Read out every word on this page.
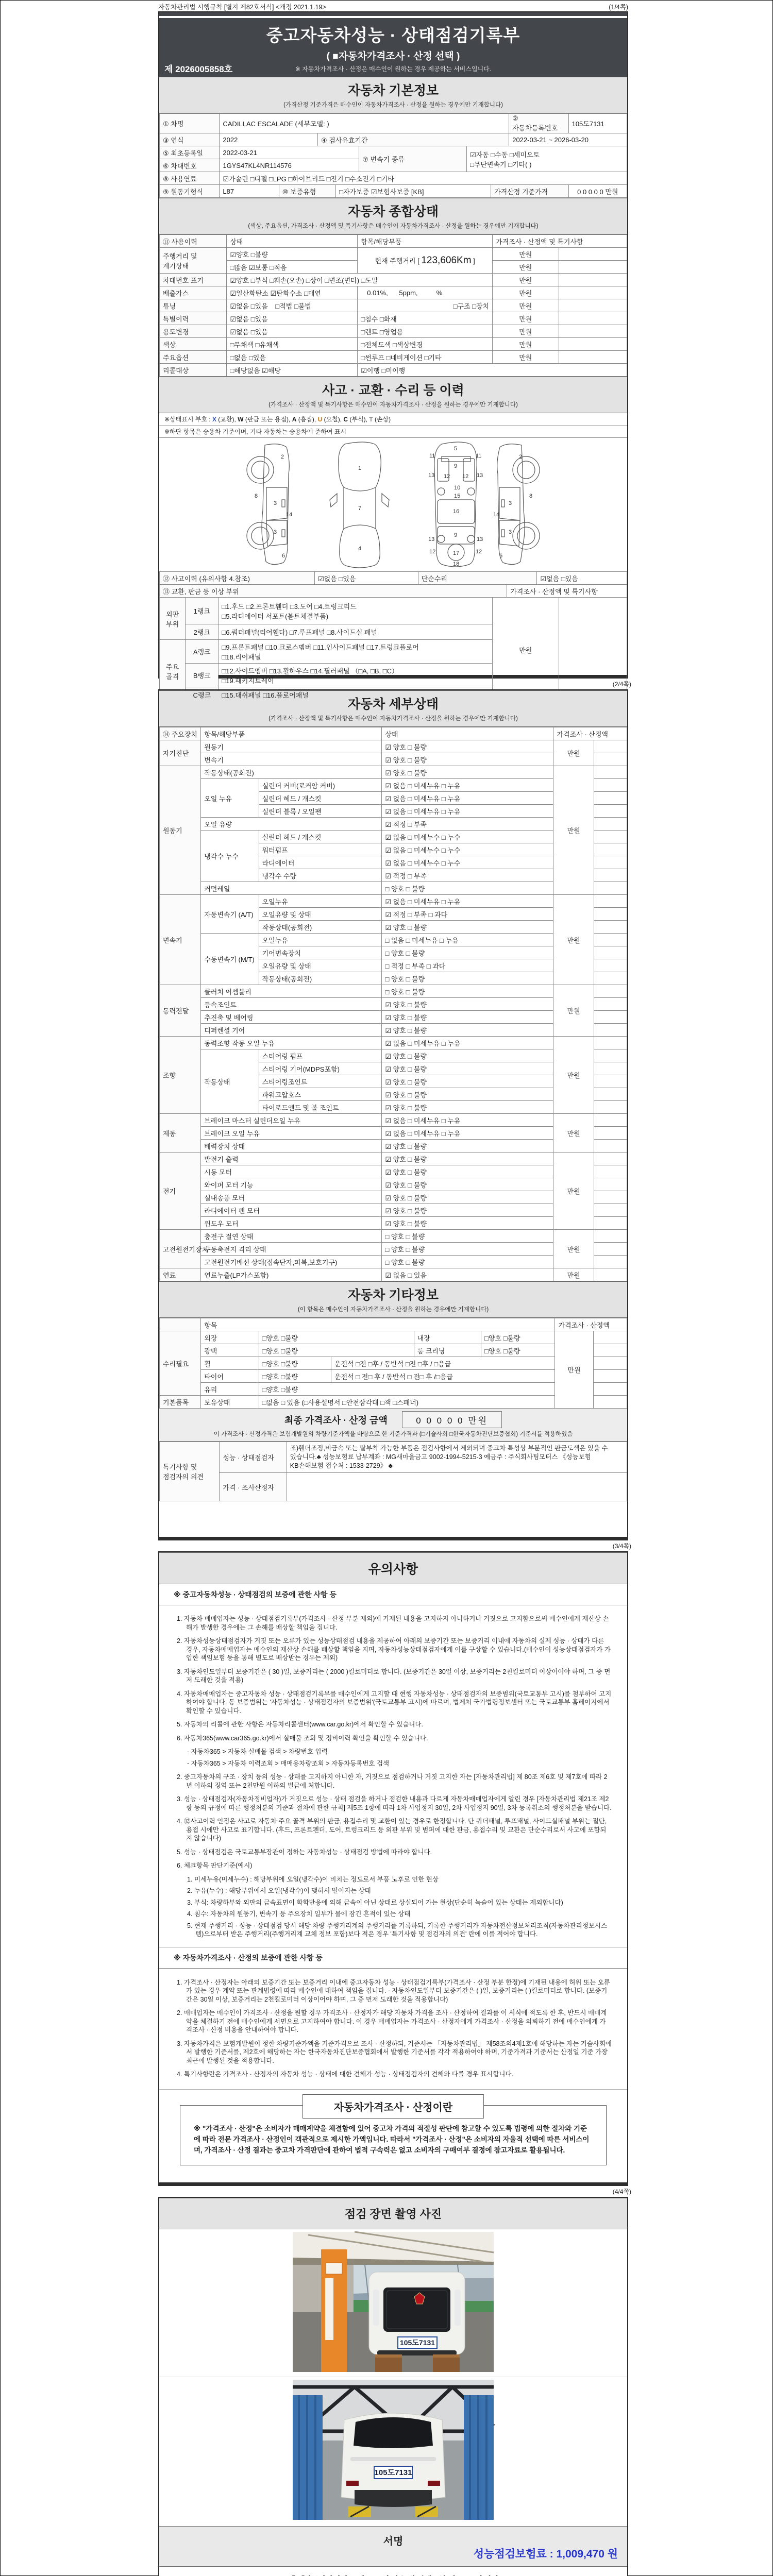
자동차관리법 시행규칙 [별지 제82호서식] <개정 2021.1.19>	(1/4쪽)
중고자동차성능 · 상태점검기록부
( ■자동차가격조사 · 산정 선택 )
※ 자동차가격조사 · 산정은 매수인이 원하는 경우 제공하는 서비스입니다.
제 2026005858호
자동차 기본정보
(가격산정 기준가격은 매수인이 자동차가격조사 · 산정을 원하는 경우에만 기재합니다)
① 차명	CADILLAC ESCALADE (세부모델: )		② 자동차등록번호	105도7131
③ 연식	2022	④ 검사유효기간	2022-03-21 ~ 2026-03-20	
⑤ 최초등록일	2022-03-21	⑦ 변속기 종류	☑자동 □수동 □세미오토
□무단변속기 □기타( )

⑥ 차대번호	1GYS47KL4NR114576		
⑧ 사용연료	☑가솔린 □디젤 □LPG □하이브리드 □전기 □수소전기 □기타				
⑨ 원동기형식	L87	⑩ 보증유형	□자가보증 ☑보험사보증 [KB]	가격산정 기준가격	0 0 0 0 0 만원
자동차 종합상태
(색상, 주요옵션, 가격조사 · 산정액 및 특기사항은 매수인이 자동차가격조사 · 산정을 원하는 경우에만 기재합니다)
⑪ 사용이력	상태	항목/해당부품	가격조사 · 산정액 및 특기사항	
주행거리 및 계기상태	☑양호 □불량	현재 주행거리 [ 123,606Km ]	만원	
	□많음 ☑보통 □적음		만원	
차대번호 표기	☑양호 □부식 □훼손(오손) □상이 □변조(변타) □도말		만원	
배출가스	☑일산화탄소 ☑탄화수소 □매연	0.01%, 5ppm, %	만원	
튜닝	☑없음 □있음 □적법 □불법	□구조 □장치	만원	
특별이력	☑없음 □있음	□침수 □화재	만원	
용도변경	☑없음 □있음	□렌트 □영업용	만원	
색상	□무채색 □유채색	□전체도색 □색상변경	만원	
주요옵션	□없음 □있음	□썬루프 □네비게이션 □기타	만원	
리콜대상	□해당없음 ☑해당	☑이행 □미이행		
사고 · 교환 · 수리 등 이력
(가격조사 · 산정액 및 특기사항은 매수인이 자동차가격조사 · 산정을 원하는 경우에만 기재합니다)
※상태표시 부호 : X (교환), W (판금 또는 용접), A (흠집), U (요철), C (부식), T (손상)
※하단 항목은 승용차 기준이며, 기타 자동차는 승용차에 준하여 표시
2
8
3
14
3
6
1
7
4
5
9
11	11
13	13
12 12
10
15
16
13	13
9
12	12
17
18
2
8
3
14
3
6
⑫ 사고이력 (유의사항 4.참조)	☑없음 □있음	단순수리	☑없음 □있음
⑬ 교환, 판금 등 이상 부위	가격조사 · 산정액 및 특기사항
외판부위	1랭크	□1.후드 □2.프론트휀더 □3.도어 □4.트렁크리드
□5.라디에이터 서포트(볼트체결부품)	만원	
	2랭크	□6.쿼더패널(리어휀다) □7.루프패널 □8.사이드실 패널		
주요골격	A랭크	□9.프론트패널 □10.크로스멤버 □11.인사이드패널 □17.트렁크플로어
□18.리어패널		

	B랭크	□12.사이드멤버 □13.휠하우스 □14.필러패널 （□A, □B, □C）
□19.패키지트레이		

	C랭크	□15.대쉬패널 □16.플로어패널		
(2/4쪽)
자동차 세부상태
(가격조사 · 산정액 및 특기사항은 매수인이 자동차가격조사 · 산정을 원하는 경우에만 기재합니다)
⑭ 주요장치	항목/해당부품		상태	가격조사 · 산정액	
자기진단	원동기		☑ 양호 □ 불량	만원	
	변속기		☑ 양호 □ 불량		
원동기	작동상태(공회전)		☑ 양호 □ 불량	만원	
	오일 누유	실린더 커버(로커암 커버)	☑ 없음 □ 미세누유 □ 누유		
		실린더 헤드 / 개스킷	☑ 없음 □ 미세누유 □ 누유		
		실린더 블록 / 오일팬	☑ 없음 □ 미세누유 □ 누유		
	오일 유량		☑ 적정 □ 부족		
	냉각수 누수	실린더 헤드 / 개스킷	☑ 없음 □ 미세누수 □ 누수		
		워터펌프	☑ 없음 □ 미세누수 □ 누수		
		라디에이터	☑ 없음 □ 미세누수 □ 누수		
		냉각수 수량	☑ 적정 □ 부족		
	커먼레일		□ 양호 □ 불량		
변속기	자동변속기 (A/T)	오일누유	☑ 없음 □ 미세누유 □ 누유	만원	
		오일유량 및 상태	☑ 적정 □ 부족 □ 과다		
		작동상태(공회전)	☑ 양호 □ 불량		
	수동변속기 (M/T)	오일누유	□ 없음 □ 미세누유 □ 누유		
		기어변속장치	□ 양호 □ 불량		
		오일유량 및 상태	□ 적정 □ 부족 □ 과다		
		작동상태(공회전)	□ 양호 □ 불량		
동력전달	클러치 어셈블리		□ 양호 □ 불량	만원	
	등속조인트		☑ 양호 □ 불량		
	추진축 및 베어링		☑ 양호 □ 불량		
	디퍼렌셜 기어		☑ 양호 □ 불량		
조향	동력조향 작동 오일 누유		☑ 없음 □ 미세누유 □ 누유	만원	
	작동상태	스티어링 펌프	☑ 양호 □ 불량		
		스티어링 기어(MDPS포함)	☑ 양호 □ 불량		
		스티어링조인트	☑ 양호 □ 불량		
		파워고압호스	☑ 양호 □ 불량		
		타이로드엔드 및 볼 조인트	☑ 양호 □ 불량		
제동	브레이크 마스터 실린더오일 누유		☑ 없음 □ 미세누유 □ 누유	만원	
	브레이크 오일 누유		☑ 없음 □ 미세누유 □ 누유		
	배력장치 상태		☑ 양호 □ 불량		
전기	발전기 출력		☑ 양호 □ 불량	만원	
	시동 모터		☑ 양호 □ 불량		
	와이퍼 모터 기능		☑ 양호 □ 불량		
	실내송풍 모터		☑ 양호 □ 불량		
	라디에이터 팬 모터		☑ 양호 □ 불량		
	윈도우 모터		☑ 양호 □ 불량		
고전원전기장치	충전구 절연 상태		□ 양호 □ 불량	만원	
	구동축전지 격리 상태		□ 양호 □ 불량		
	고전원전기배선 상태(접속단자,피복,보호기구)		□ 양호 □ 불량		
연료	연료누출(LP가스포함)		☑ 없음 □ 있음	만원	
자동차 기타정보
(이 항목은 매수인이 자동차가격조사 · 산정을 원하는 경우에만 기재합니다)
	항목					가격조사 · 산정액	
수리필요	외장	□양호 □불량		내장	□양호 □불량	만원	
	광택	□양호 □불량		룸 크리닝	□양호 □불량		
	휠	□양호 □불량	운전석 □전 □후 / 동반석 □전 □후 / □응급				
	타이어	□양호 □불량	운전석 □ 전□ 후 / 동반석 □ 전□ 후 /□응급				
	유리	□양호 □불량					
기본품목	보유상태	□없음 □ 있음 (□사용설명서 □안전삼각대 □잭 □스패너)					
최종 가격조사 · 산정 금액	0 0 0 0 0 만원
이 가격조사 · 산정가격은 보험개발원의 차량기준가액을 바탕으로 한 기준가격과 (□기술사회 □한국자동차진단보증협회) 기준서를 적용하였음
특기사항 및 점검자의 의견	성능 · 상태점검자	조)휀더조정,비금속 또는 탈부착 가능한 부품은 점검사항에서 제외되며 중고차 특성상 부분적인 판금도색은 있을 수 있습니다.♣ 성능보험료 납부계좌 : MG새마을금고 9002-1994-5215-3 예금주 : 주식회사팀모터스 《성능보험 KB손해보험 접수처 : 1533-2729》 ♣
	가격 · 조사산정자	
(3/4쪽)
유의사항
※ 중고자동차성능 · 상태점검의 보증에 관한 사항 등
1. 자동차 매매업자는 성능 · 상태점검기록부(가격조사 · 산정 부분 제외)에 기재된 내용을 고지하지 아니하거나 거짓으로 고지함으로써 매수인에게 재산상 손해가 발생한 경우에는 그 손해를 배상할 책임을 집니다.
2. 자동차성능상태점검자가 거짓 또는 오류가 있는 성능상태점검 내용을 제공하여 아래의 보증기간 또는 보증거리 이내에 자동차의 실제 성능 · 상태가 다른 경우, 자동차매매업자는 매수인의 재산상 손해를 배상할 책임을 지며, 자동차성능상태점검자에게 이를 구상할 수 있습니다.(매수인이 성능상태점검자가 가입한 책임보험 등을 통해 별도로 배상받는 경우는 제외)
3. 자동차인도일부터 보증기간은 ( 30 )일, 보증거리는 ( 2000 )킬로미터로 합니다. (보증기간은 30일 이상, 보증거리는 2천킬로미터 이상이어야 하며, 그 중 먼저 도래한 것을 적용)
4. 자동차매매업자는 중고자동차 성능 · 상태점검기록부를 매수인에게 고지할 때 현행 자동차성능 · 상태점검자의 보증범위(국토교통부 고시)를 첨부하여 고지하여야 합니다. 동 보증범위는 '자동차성능 · 상태점검자의 보증범위'(국토교통부 고시)에 따르며, 법제처 국가법령정보센터 또는 국토교통부 홈페이지에서 확인할 수 있습니다.
5. 자동차의 리콜에 관한 사항은 자동차리콜센터(www.car.go.kr)에서 확인할 수 있습니다.
6. 자동차365(www.car365.go.kr)에서 실매물 조회 및 정비이력 확인을 확인할 수 있습니다.
- 자동차365 > 자동차 실매물 검색 > 차량번호 입력
- 자동차365 > 자동차 이력조회 > 매매용차량조회 > 자동차등록번호 검색
2. 중고자동차의 구조 · 장치 등의 성능 · 상태를 고지하지 아니한 자, 거짓으로 점검하거나 거짓 고지한 자는 [자동차관리법] 제 80조 제6호 및 제7호에 따라 2년 이하의 징역 또는 2천만원 이하의 벌금에 처합니다.
3. 성능 · 상태점검자(자동차정비업자)가 거짓으로 성능 · 상태 점검을 하거나 점검한 내용과 다르게 자동차매매업자에게 알린 경우 [자동차관리법 제21조 제2항 등의 규정에 따른 행정처분의 기준과 절차에 관한 규칙] 제5조 1항에 따라 1차 사업정지 30일, 2차 사업정지 90일, 3차 등록취소의 행정처분을 받습니다.
4. ⑫사고이력 인정은 사고로 자동차 주요 골격 부위의 판금, 용접수리 및 교환이 있는 경우로 한정합니다. 단 쿼더패널, 루프패널, 사이드실패널 부위는 절단, 용접 시에만 사고로 표기합니다. (후드, 프론트펜더, 도어, 트렁크리드 등 외판 부위 및 범퍼에 대한 판금, 용접수리 및 교환은 단순수리로서 사고에 포함되지 않습니다)
5. 성능 · 상태점검은 국토교통부장관이 정하는 자동차성능 · 상태점검 방법에 따라야 합니다.
6. 체크항목 판단기준(예시)
1. 미세누유(미세누수) : 해당부위에 오일(냉각수)이 비치는 정도로서 부품 노후로 인한 현상
2. 누유(누수) : 해당부위에서 오일(냉각수)이 맺혀서 떨어지는 상태
3. 부식: 차량하부와 외판의 금속표면이 화학반응에 의해 금속이 아닌 상태로 상실되어 가는 현상(단순히 녹슬어 있는 상태는 제외합니다)
4. 침수: 자동차의 원동기, 변속기 등 주요장치 일부가 물에 잠긴 흔적이 있는 상태
5. 현재 주행거리 · 성능 · 상태점검 당시 해당 차량 주행거리계의 주행거리를 기록하되, 기록한 주행거리가 자동차전산정보처리조직(자동차관리정보시스템)으로부터 받은 주행거리(주행거리계 교체 정보 포함)보다 적은 경우 '특기사항 및 점검자의 의견' 란에 이를 적어야 합니다.
※ 자동차가격조사 · 산정의 보증에 관한 사항 등
1. 가격조사 · 산정자는 아래의 보증기간 또는 보증거리 이내에 중고자동차 성능 · 상태점검기록부(가격조사 · 산정 부분 한정)에 기재된 내용에 허위 또는 오류가 있는 경우 계약 또는 관계법령에 따라 매수인에 대하여 책임을 집니다. · 자동차인도일부터 보증기간은 ( )일, 보증거리는 ( )킬로미터로 합니다. (보증기간은 30일 이상, 보증거리는 2천킬로미터 이상이어야 하며, 그 중 먼저 도래한 것을 적용합니다)
2. 매매업자는 매수인이 가격조사 · 산정을 원할 경우 가격조사 · 산정자가 해당 자동차 가격을 조사 · 산정하여 결과를 이 서식에 적도록 한 후, 반드시 매매계약을 체결하기 전에 매수인에게 서면으로 고지하여야 합니다. 이 경우 매매업자는 가격조사 · 산정자에게 가격조사 · 산정을 의뢰하기 전에 매수인에게 가격조사 · 산정 비용을 안내하여야 합니다.
3. 자동차가격은 보험개발원이 정한 차량기준가액을 기준가격으로 조사 · 산정하되, 기준서는 「자동차관리법」 제58조의4제1호에 해당하는 자는 기술사회에서 발행한 기준서를, 제2호에 해당하는 자는 한국자동차진단보증협회에서 발행한 기준서를 각각 적용하여야 하며, 기준가격과 기준서는 산정일 기준 가장 최근에 발행된 것을 적용합니다.
4. 특기사항란은 가격조사 · 산정자의 자동차 성능 · 상태에 대한 견해가 성능 · 상태점검자의 견해와 다를 경우 표시합니다.
자동차가격조사 · 산정이란
※ "가격조사 · 산정"은 소비자가 매매계약을 체결함에 있어 중고차 가격의 적절성 판단에 참고할 수 있도록 법령에 의한 절차와 기준에 따라 전문 가격조사 · 산정인이 객관적으로 제시한 가액입니다. 따라서 "가격조사 · 산정"은 소비자의 자율적 선택에 따른 서비스이며, 가격조사 · 산정 결과는 중고차 가격판단에 관하여 법적 구속력은 없고 소비자의 구매여부 결정에 참고자료로 활용됩니다.
(4/4쪽)
점검 장면 촬영 사진
105도7131
105도7131
서명
성능점검보험료 : 1,009,470 원
